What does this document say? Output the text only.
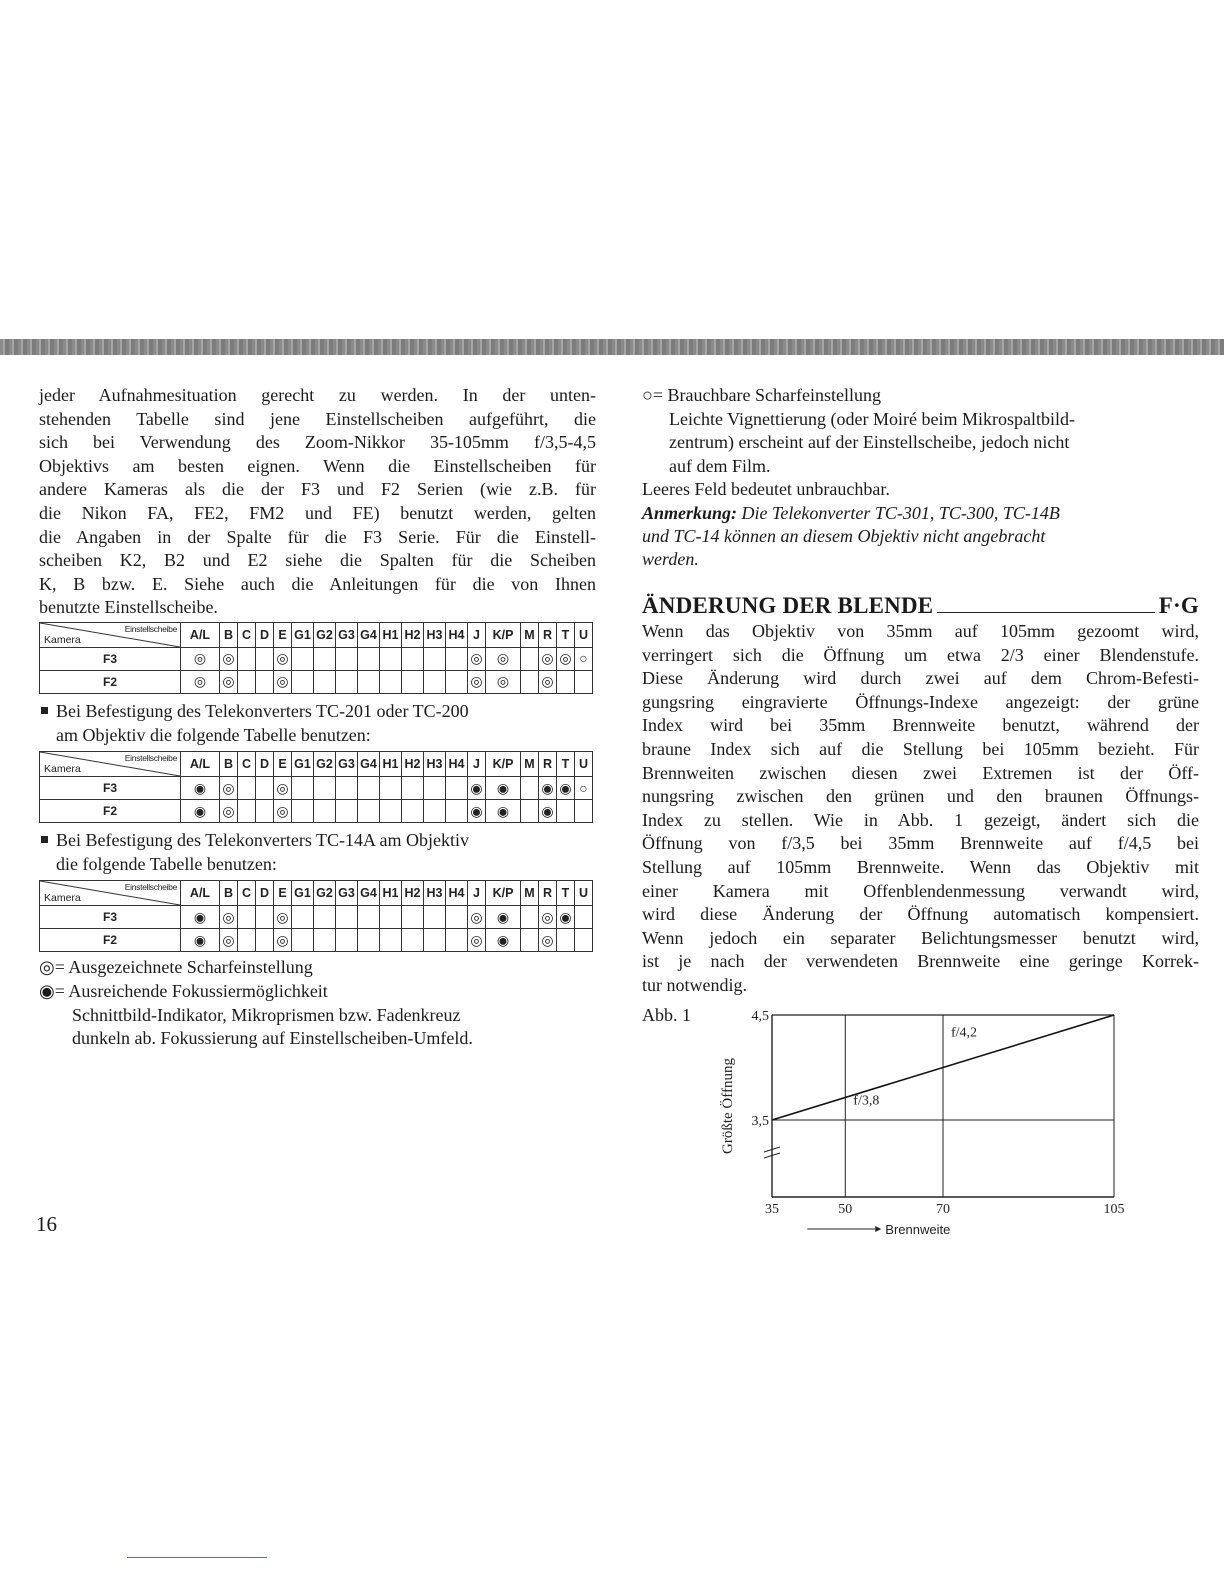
jeder Aufnahmesituation gerecht zu werden. In der unten-
stehenden Tabelle sind jene Einstellscheiben aufgeführt, die
sich bei Verwendung des Zoom-Nikkor 35-105mm f/3,5-4,5
Objektivs am besten eignen. Wenn die Einstellscheiben für
andere Kameras als die der F3 und F2 Serien (wie z.B. für
die Nikon FA, FE2, FM2 und FE) benutzt werden, gelten
die Angaben in der Spalte für die F3 Serie. Für die Einstell-
scheiben K2, B2 und E2 siehe die Spalten für die Scheiben
K, B bzw. E. Siehe auch die Anleitungen für die von Ihnen
benutzte Einstellscheibe.
Einstellscheibe
Kamera	A/L	B	C	D	E	G1	G2	G3	G4	H1	H2	H3	H4	J	K/P	M	R	T	U
F3	◎	◎			◎									◎	◎		◎	◎	○
F2	◎	◎			◎									◎	◎		◎		
Bei Befestigung des Telekonverters TC-201 oder TC-200
am Objektiv die folgende Tabelle benutzen:
Einstellscheibe
Kamera	A/L	B	C	D	E	G1	G2	G3	G4	H1	H2	H3	H4	J	K/P	M	R	T	U
F3	◉	◎			◎									◉	◉		◉	◉	○
F2	◉	◎			◎									◉	◉		◉		
Bei Befestigung des Telekonverters TC-14A am Objektiv
die folgende Tabelle benutzen:
Einstellscheibe
Kamera	A/L	B	C	D	E	G1	G2	G3	G4	H1	H2	H3	H4	J	K/P	M	R	T	U
F3	◉	◎			◎									◎	◉		◎	◉	
F2	◉	◎			◎									◎	◉		◎		
◎= Ausgezeichnete Scharfeinstellung
◉= Ausreichende Fokussiermöglichkeit
Schnittbild-Indikator, Mikroprismen bzw. Fadenkreuz
dunkeln ab. Fokussierung auf Einstellscheiben-Umfeld.
○= Brauchbare Scharfeinstellung
Leichte Vignettierung (oder Moiré beim Mikrospaltbild-
zentrum) erscheint auf der Einstellscheibe, jedoch nicht
auf dem Film.
Leeres Feld bedeutet unbrauchbar.
Anmerkung: Die Telekonverter TC-301, TC-300, TC-14B
und TC-14 können an diesem Objektiv nicht angebracht
werden.
ÄNDERUNG DER BLENDE	F·G
Wenn das Objektiv von 35mm auf 105mm gezoomt wird,
verringert sich die Öffnung um etwa 2/3 einer Blendenstufe.
Diese Änderung wird durch zwei auf dem Chrom-Befesti-
gungsring eingravierte Öffnungs-Indexe angezeigt: der grüne
Index wird bei 35mm Brennweite benutzt, während der
braune Index sich auf die Stellung bei 105mm bezieht. Für
Brennweiten zwischen diesen zwei Extremen ist der Öff-
nungsring zwischen den grünen und den braunen Öffnungs-
Index zu stellen. Wie in Abb. 1 gezeigt, ändert sich die
Öffnung von f/3,5 bei 35mm Brennweite auf f/4,5 bei
Stellung auf 105mm Brennweite. Wenn das Objektiv mit
einer Kamera mit Offenblendenmessung verwandt wird,
wird diese Änderung der Öffnung automatisch kompensiert.
Wenn jedoch ein separater Belichtungsmesser benutzt wird,
ist je nach der verwendeten Brennweite eine geringe Korrek-
tur notwendig.
Abb. 1
35	50	70	105
3,5
4,5
f/3,8
f/4,2
Größte Öffnung
Brennweite
16
